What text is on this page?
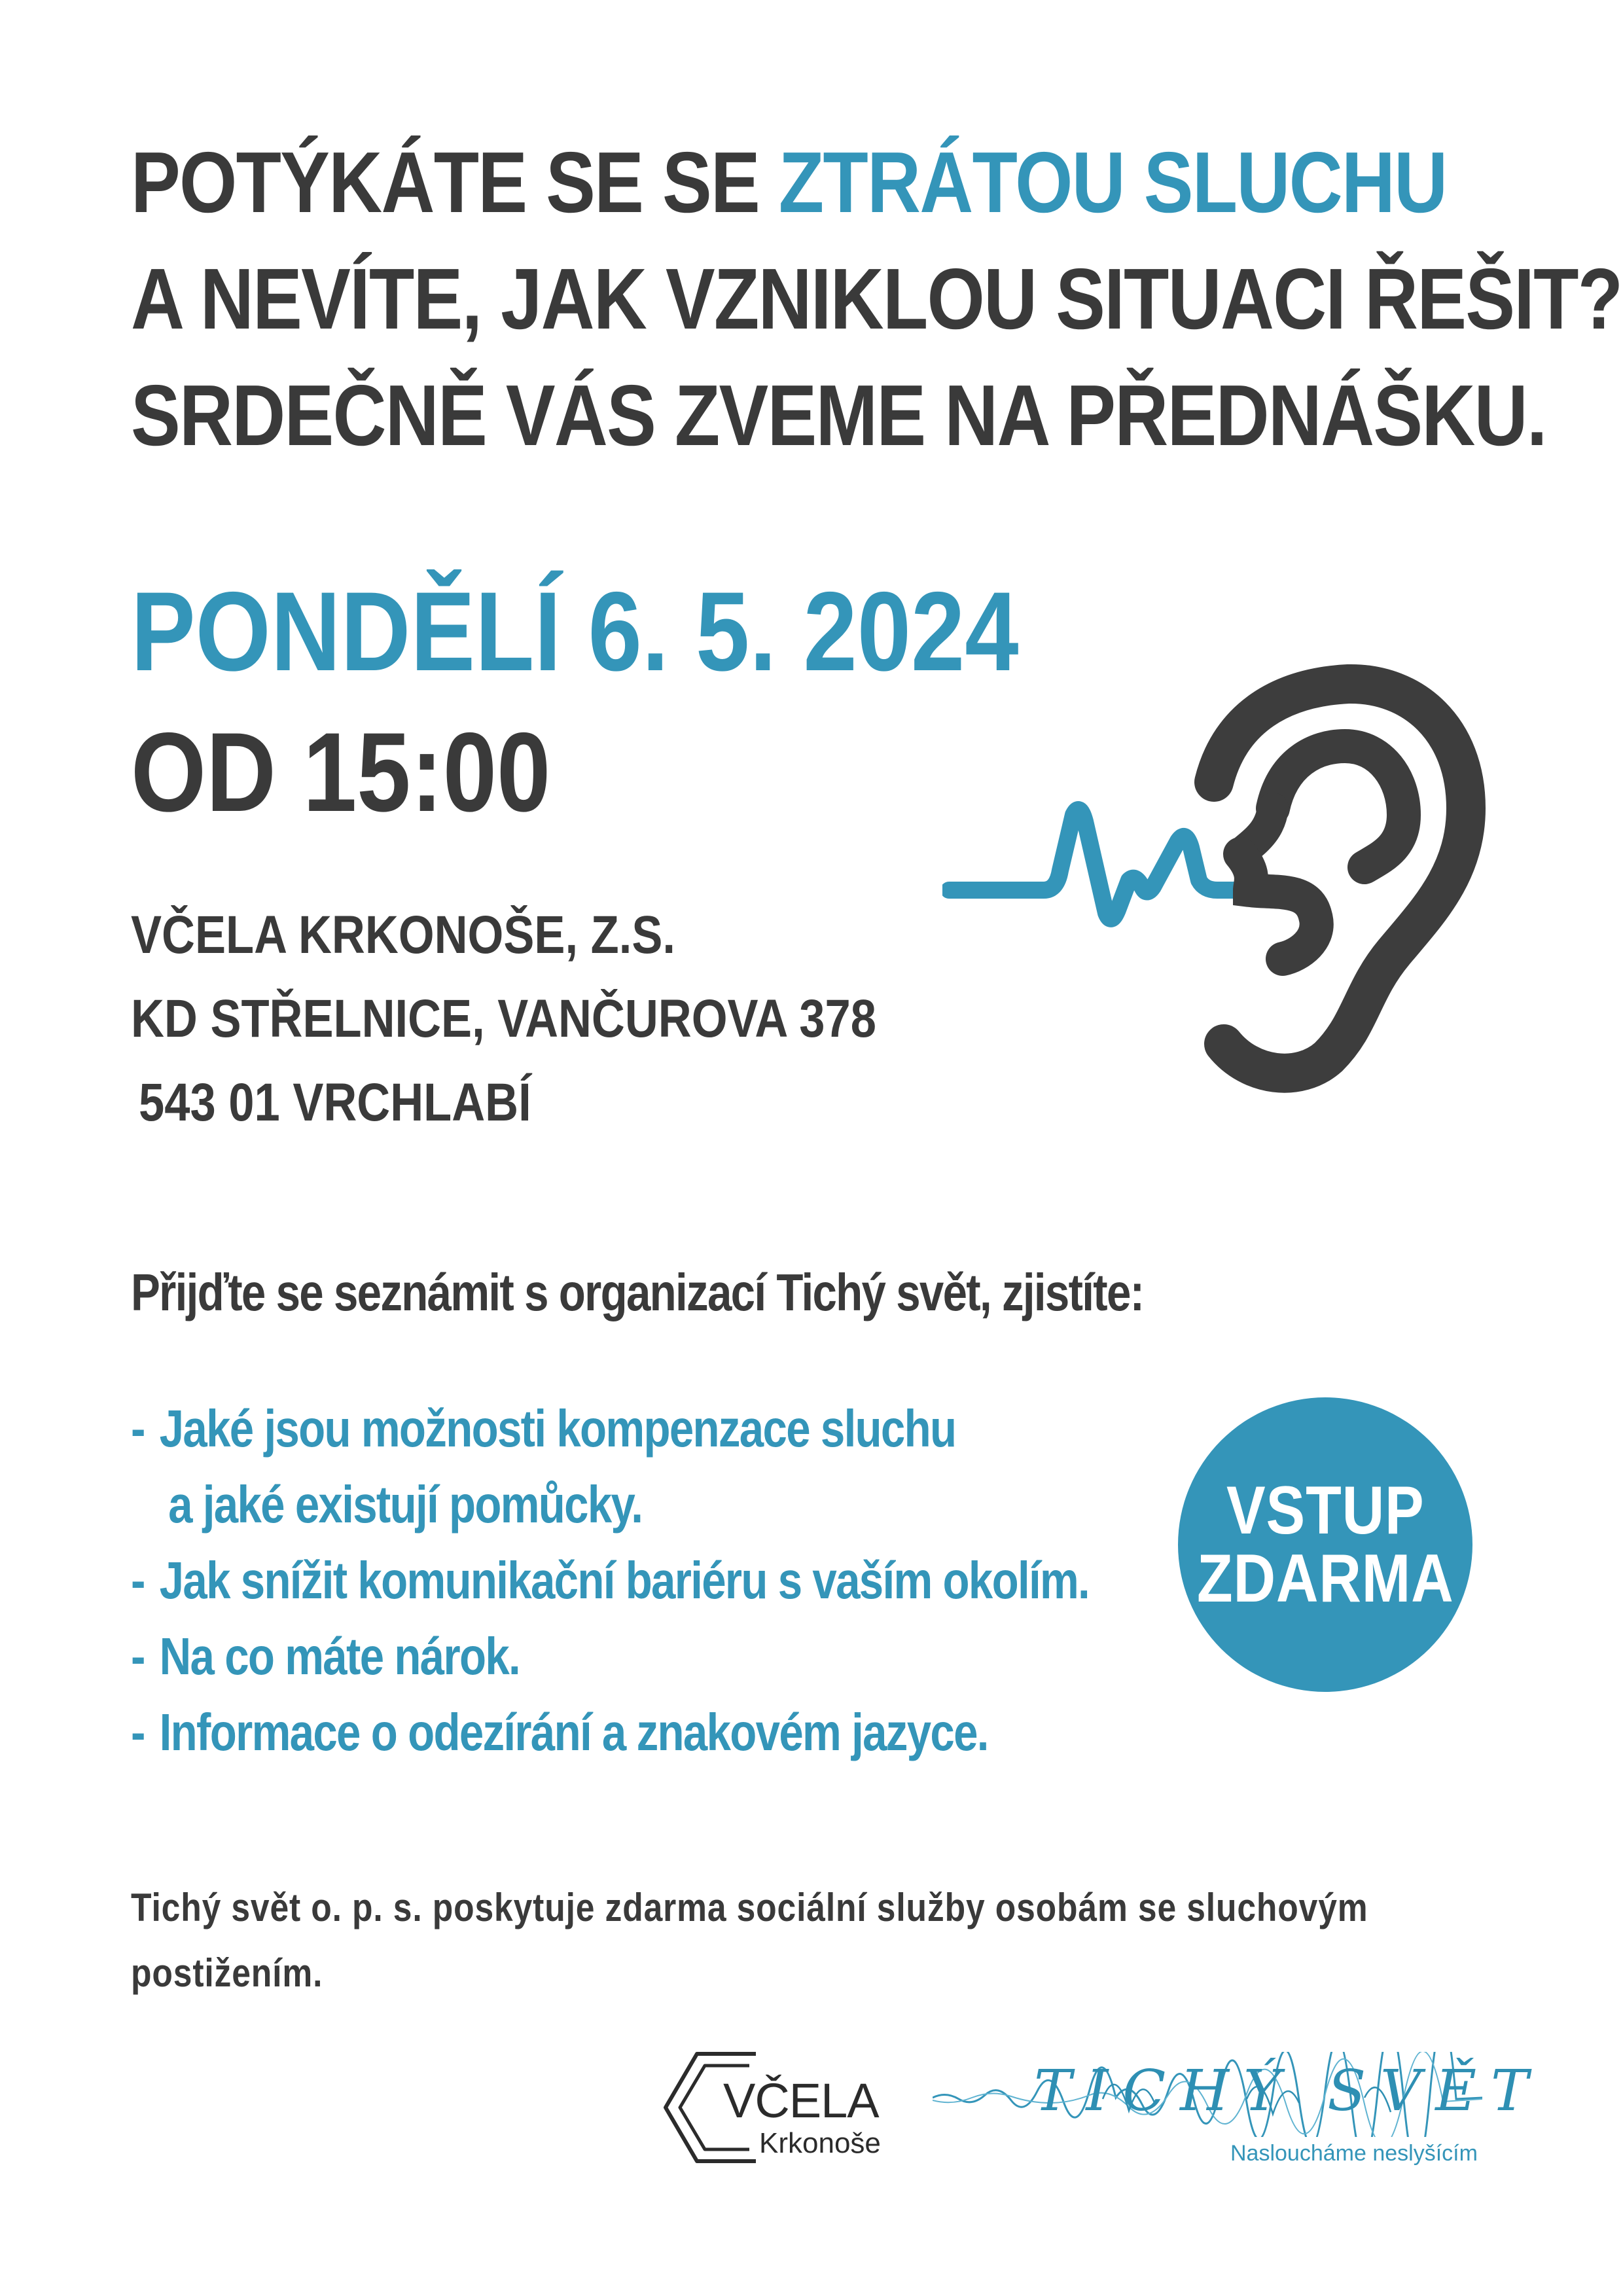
POTÝKÁTE SE SE ZTRÁTOU SLUCHU
A NEVÍTE, JAK VZNIKLOU SITUACI ŘEŠIT?
SRDEČNĚ VÁS ZVEME NA PŘEDNÁŠKU.
PONDĚLÍ 6. 5. 2024
OD 15:00
VČELA KRKONOŠE, Z.S.
KD STŘELNICE, VANČUROVA 378
543 01 VRCHLABÍ
Přijďte se seznámit s organizací Tichý svět, zjistíte:
- Jaké jsou možnosti kompenzace sluchu
a jaké existují pomůcky.
- Jak snížit komunikační bariéru s vaším okolím.
- Na co máte nárok.
- Informace o odezírání a znakovém jazyce.
VSTUP
ZDARMA
Tichý svět o. p. s. poskytuje zdarma sociální služby osobám se sluchovým postižením.
VČELA
Krkonoše
TICHÝ SVĚT
Nasloucháme neslyšícím
